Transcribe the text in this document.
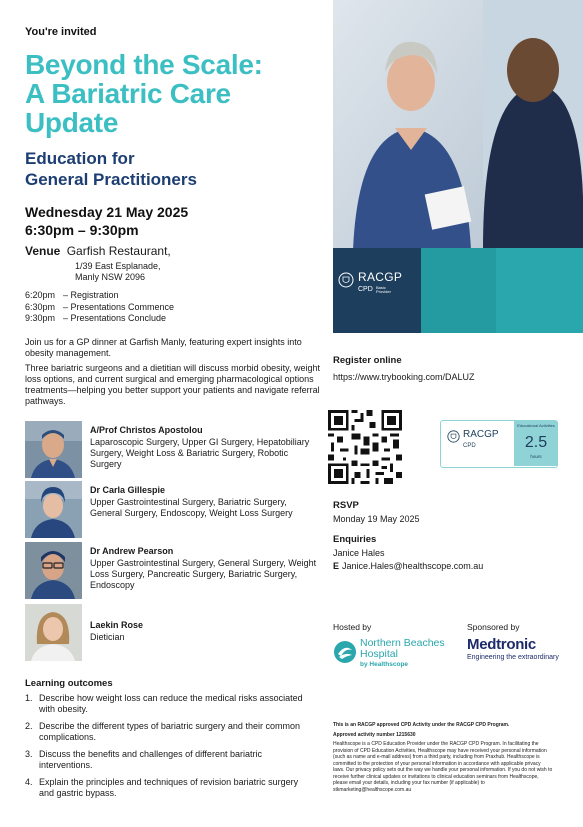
You're invited
Beyond the Scale:
A Bariatric Care
Update
Education for
General Practitioners
Wednesday 21 May 2025
6:30pm – 9:30pm
Venue Garfish Restaurant,
1/39 East Esplanade,
Manly NSW 2096
6:20pm – Registration
6:30pm – Presentations Commence
9:30pm – Presentations Conclude

Join us for a GP dinner at Garfish Manly, featuring expert insights into obesity management.

Three bariatric surgeons and a dietitian will discuss morbid obesity, weight loss options, and current surgical and emerging pharmacological options treatments—helping you better support your patients and navigate referral pathways.

A/Prof Christos Apostolou
Laparoscopic Surgery, Upper GI Surgery, Hepatobiliary Surgery, Weight Loss & Bariatric Surgery, Robotic Surgery
Dr Carla Gillespie
Upper Gastrointestinal Surgery, Bariatric Surgery, General Surgery, Endoscopy, Weight Loss Surgery
Dr Andrew Pearson
Upper Gastrointestinal Surgery, General Surgery, Weight Loss Surgery, Pancreatic Surgery, Bariatric Surgery, Endoscopy
Laekin Rose
Dietician
Learning outcomes
1. Describe how weight loss can reduce the medical risks associated with obesity.
2. Describe the different types of bariatric surgery and their common complications.
3. Discuss the benefits and challenges of different bariatric interventions.
4. Explain the principles and techniques of revision bariatric surgery and gastric bypass.
RACGP
CPD Basic Provider
Register online
https://www.trybooking.com/DALUZ
RACGP
CPD
Educational Activities
2.5
hours
RSVP
Monday 19 May 2025
Enquiries
Janice Hales
E Janice.Hales@healthscope.com.au
Hosted by	Sponsored by
Northern Beaches
Hospital
by Healthscope
Medtronic
Engineering the extraordinary
This is an RACGP approved CPD Activity under the RACGP CPD Program.
Approved activity number 1215630
Healthscope is a CPD Education Provider under the RACGP CPD Program. In facilitating the provision of CPD Education Activities, Healthscope may have received your personal information (such as name and e-mail address) from a third party, including from Praxhub. Healthscope is committed to the protection of your personal information in accordance with applicable privacy laws. Our privacy policy sets out the way we handle your personal information. If you do not wish to receive further clinical updates or invitations to clinical education seminars from Healthscope, please email your details, including your fax number (if applicable) to stkmarketing@healthscope.com.au
